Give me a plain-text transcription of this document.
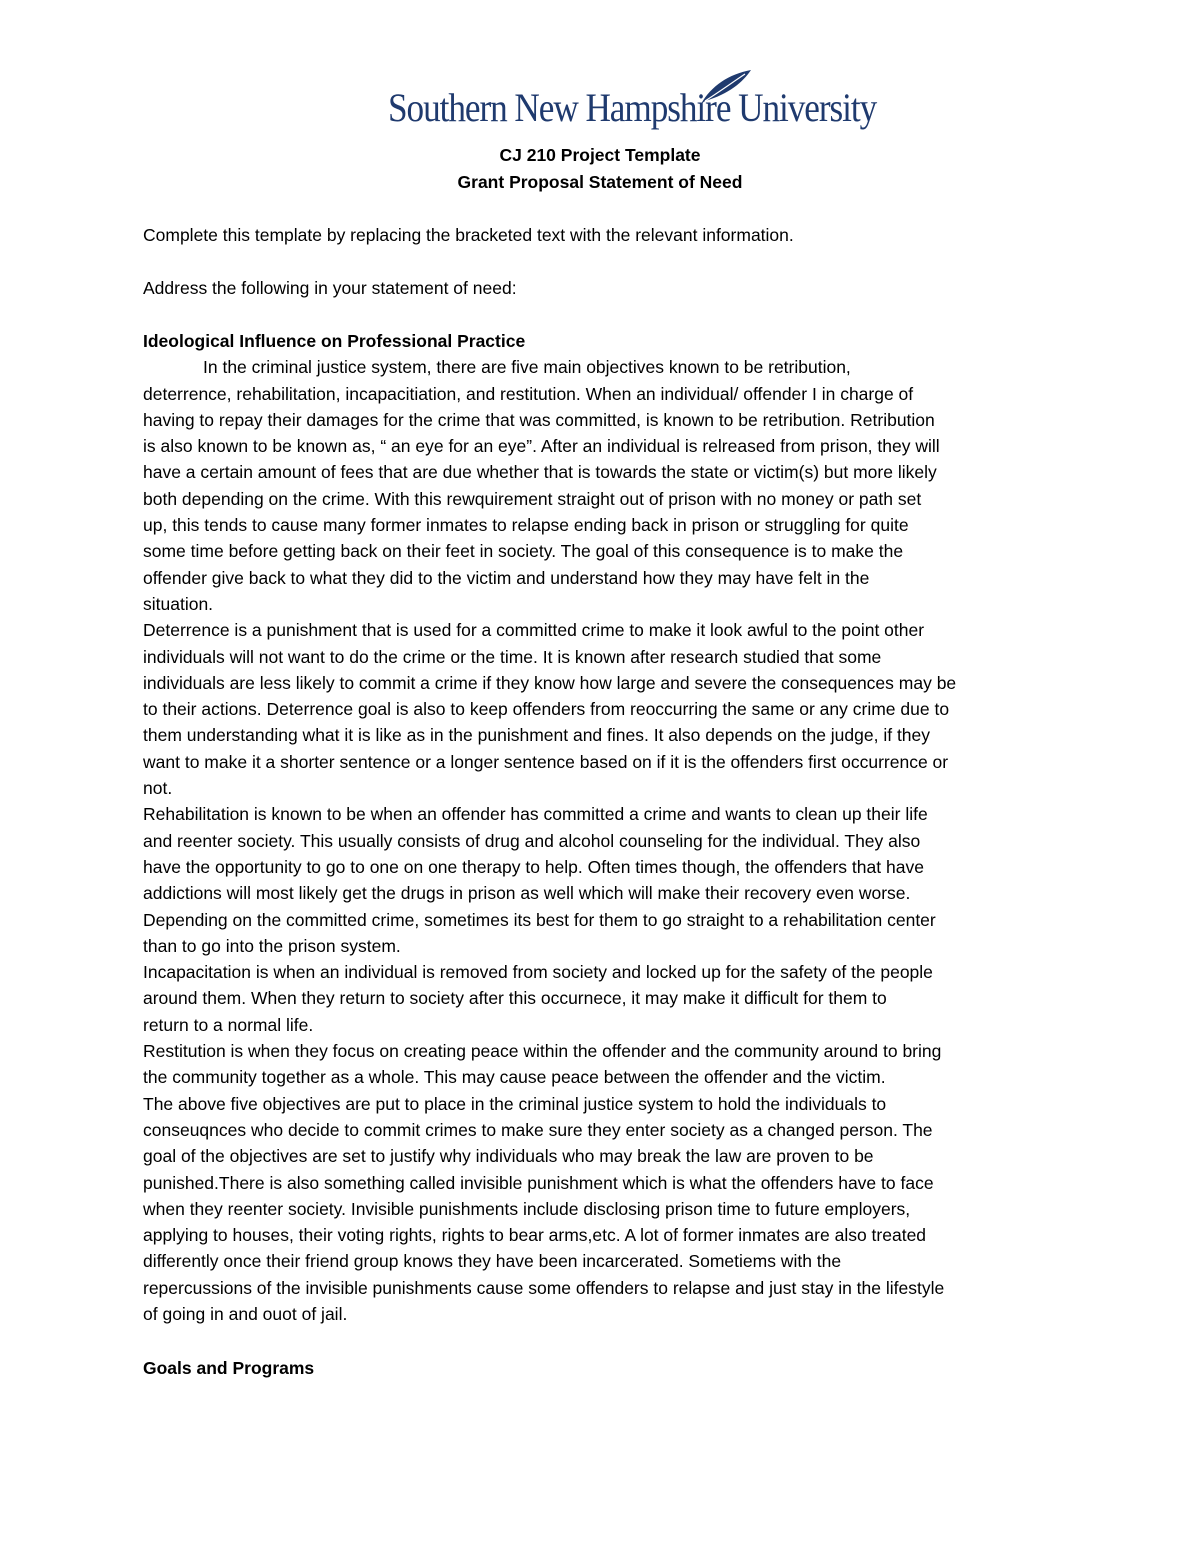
Southern New Hampshire University
CJ 210 Project Template
Grant Proposal Statement of Need

Complete this template by replacing the bracketed text with the relevant information.

Address the following in your statement of need:

Ideological Influence on Professional Practice
In the criminal justice system, there are five main objectives known to be retribution,
deterrence, rehabilitation, incapacitiation, and restitution. When an individual/ offender I in charge of
having to repay their damages for the crime that was committed, is known to be retribution. Retribution
is also known to be known as, “ an eye for an eye”. After an individual is relreased from prison, they will
have a certain amount of fees that are due whether that is towards the state or victim(s) but more likely
both depending on the crime. With this rewquirement straight out of prison with no money or path set
up, this tends to cause many former inmates to relapse ending back in prison or struggling for quite
some time before getting back on their feet in society. The goal of this consequence is to make the
offender give back to what they did to the victim and understand how they may have felt in the
situation.
Deterrence is a punishment that is used for a committed crime to make it look awful to the point other
individuals will not want to do the crime or the time. It is known after research studied that some
individuals are less likely to commit a crime if they know how large and severe the consequences may be
to their actions. Deterrence goal is also to keep offenders from reoccurring the same or any crime due to
them understanding what it is like as in the punishment and fines. It also depends on the judge, if they
want to make it a shorter sentence or a longer sentence based on if it is the offenders first occurrence or
not.
Rehabilitation is known to be when an offender has committed a crime and wants to clean up their life
and reenter society. This usually consists of drug and alcohol counseling for the individual. They also
have the opportunity to go to one on one therapy to help. Often times though, the offenders that have
addictions will most likely get the drugs in prison as well which will make their recovery even worse.
Depending on the committed crime, sometimes its best for them to go straight to a rehabilitation center
than to go into the prison system.
Incapacitation is when an individual is removed from society and locked up for the safety of the people
around them. When they return to society after this occurnece, it may make it difficult for them to
return to a normal life.
Restitution is when they focus on creating peace within the offender and the community around to bring
the community together as a whole. This may cause peace between the offender and the victim.
The above five objectives are put to place in the criminal justice system to hold the individuals to
conseuqnces who decide to commit crimes to make sure they enter society as a changed person. The
goal of the objectives are set to justify why individuals who may break the law are proven to be
punished.There is also something called invisible punishment which is what the offenders have to face
when they reenter society. Invisible punishments include disclosing prison time to future employers,
applying to houses, their voting rights, rights to bear arms,etc. A lot of former inmates are also treated
differently once their friend group knows they have been incarcerated. Sometiems with the
repercussions of the invisible punishments cause some offenders to relapse and just stay in the lifestyle
of going in and ouot of jail.
Goals and Programs
